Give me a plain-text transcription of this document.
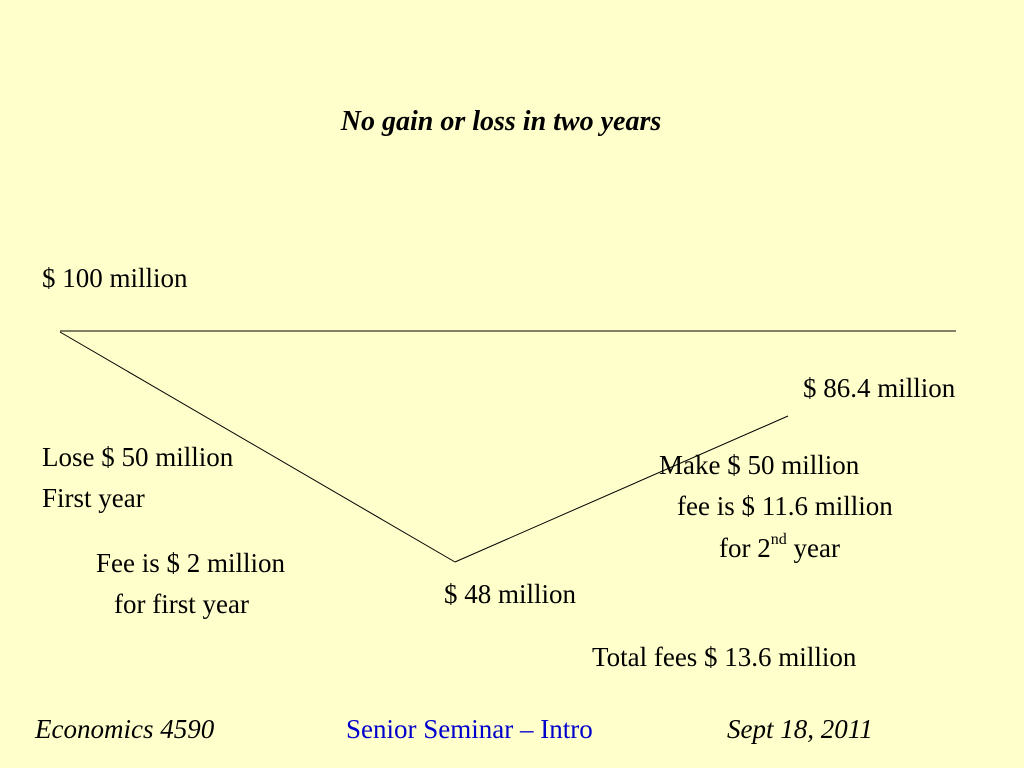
No gain or loss in two years
$ 100 million
Lose $ 50 million
First year
Fee is $ 2 million
for first year	$ 48 million
$ 86.4 million
Make $ 50 million
fee is $ 11.6 million
for 2nd year
Total fees $ 13.6 million
Economics 4590	Senior Seminar – Intro	Sept 18, 2011
